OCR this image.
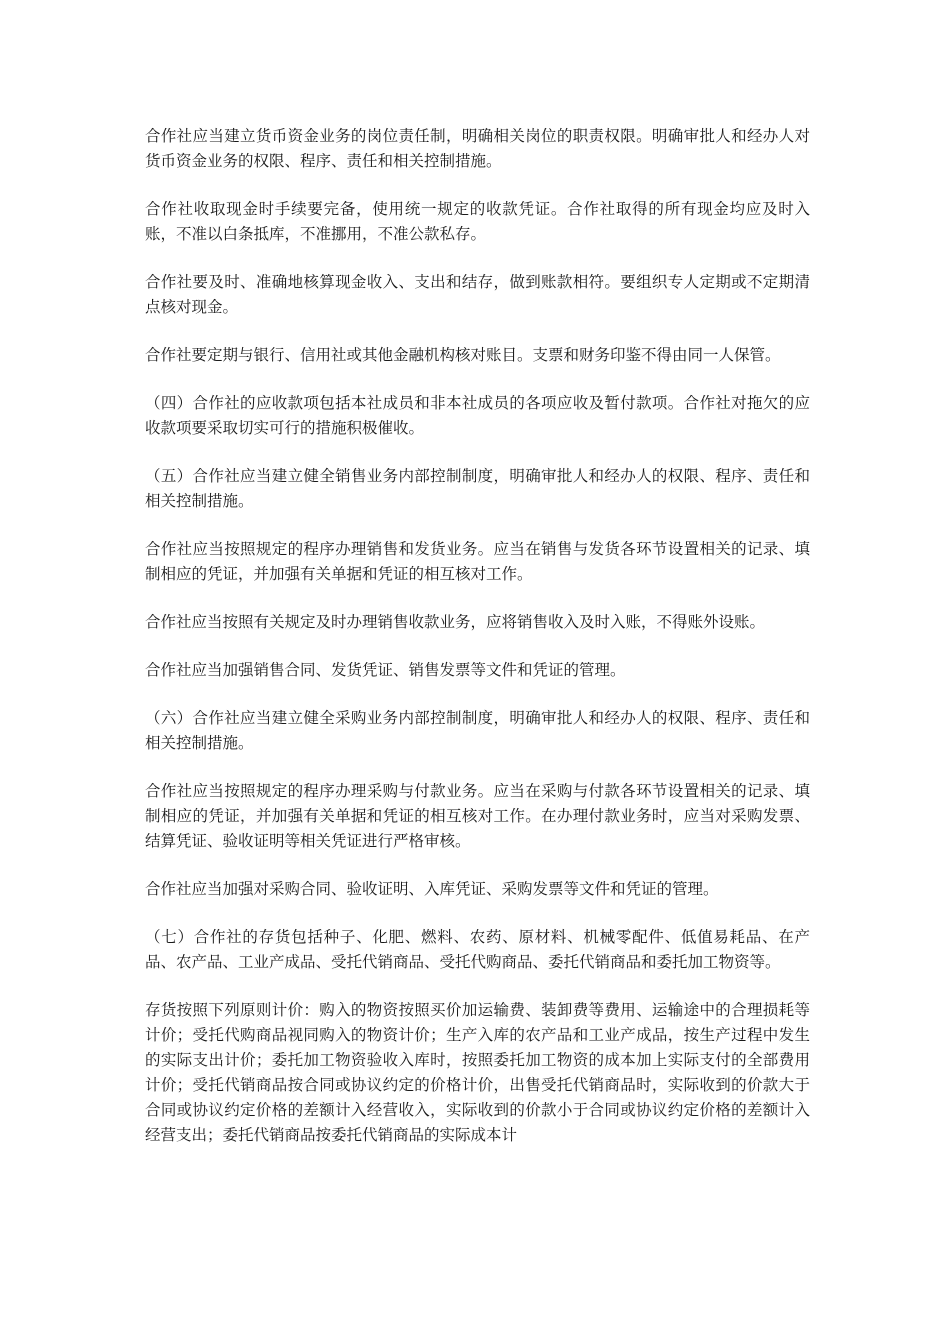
合作社应当建立货币资金业务的岗位责任制，明确相关岗位的职责权限。明确审批人和经办人对货币资金业务的权限、程序、责任和相关控制措施。

合作社收取现金时手续要完备，使用统一规定的收款凭证。合作社取得的所有现金均应及时入账，不准以白条抵库，不准挪用，不准公款私存。

合作社要及时、准确地核算现金收入、支出和结存，做到账款相符。要组织专人定期或不定期清点核对现金。

合作社要定期与银行、信用社或其他金融机构核对账目。支票和财务印鉴不得由同一人保管。

（四）合作社的应收款项包括本社成员和非本社成员的各项应收及暂付款项。合作社对拖欠的应收款项要采取切实可行的措施积极催收。

（五）合作社应当建立健全销售业务内部控制制度，明确审批人和经办人的权限、程序、责任和相关控制措施。

合作社应当按照规定的程序办理销售和发货业务。应当在销售与发货各环节设置相关的记录、填制相应的凭证，并加强有关单据和凭证的相互核对工作。

合作社应当按照有关规定及时办理销售收款业务，应将销售收入及时入账，不得账外设账。

合作社应当加强销售合同、发货凭证、销售发票等文件和凭证的管理。

（六）合作社应当建立健全采购业务内部控制制度，明确审批人和经办人的权限、程序、责任和相关控制措施。

合作社应当按照规定的程序办理采购与付款业务。应当在采购与付款各环节设置相关的记录、填制相应的凭证，并加强有关单据和凭证的相互核对工作。在办理付款业务时，应当对采购发票、结算凭证、验收证明等相关凭证进行严格审核。

合作社应当加强对采购合同、验收证明、入库凭证、采购发票等文件和凭证的管理。

（七）合作社的存货包括种子、化肥、燃料、农药、原材料、机械零配件、低值易耗品、在产品、农产品、工业产成品、受托代销商品、受托代购商品、委托代销商品和委托加工物资等。

存货按照下列原则计价：购入的物资按照买价加运输费、装卸费等费用、运输途中的合理损耗等计价；受托代购商品视同购入的物资计价；生产入库的农产品和工业产成品，按生产过程中发生的实际支出计价；委托加工物资验收入库时，按照委托加工物资的成本加上实际支付的全部费用计价；受托代销商品按合同或协议约定的价格计价，出售受托代销商品时，实际收到的价款大于合同或协议约定价格的差额计入经营收入，实际收到的价款小于合同或协议约定价格的差额计入经营支出；委托代销商品按委托代销商品的实际成本计
